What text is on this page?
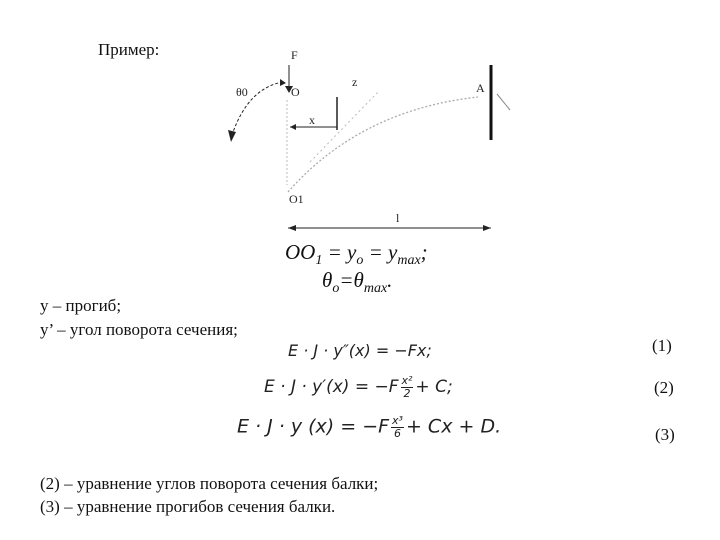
Пример:	F
θ0	O
z	A
x
O1
l
$OO_1 = y_o = y_{max}$;
$\theta_o=\theta_{max}$.
y – прогиб;
y’ – угол поворота сечения;
E · J · y″(x) = −Fx;
$E \cdot J \cdot y'(x) = -F \frac{\text{x²}}{2} + C$;
E · J · y $(x) = -F \frac{\text{x³}}{6} + Cx + D$.
(1)
(2)
(3)
(2) – уравнение углов поворота сечения балки;
(3) – уравнение прогибов сечения балки.
